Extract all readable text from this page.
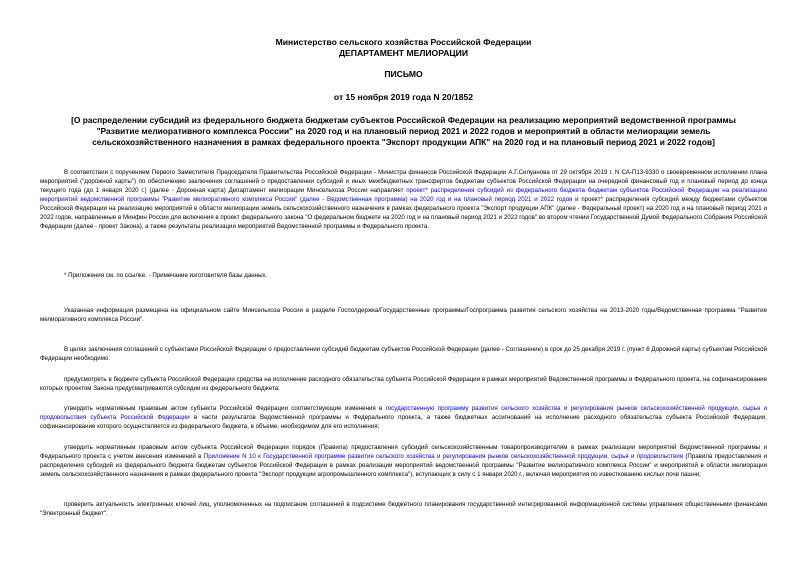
Министерство сельского хозяйства Российской Федерации
ДЕПАРТАМЕНТ МЕЛИОРАЦИИ
ПИСЬМО
от 15 ноября 2019 года N 20/1852
[О распределении субсидий из федерального бюджета бюджетам субъектов Российской Федерации на реализацию мероприятий ведомственной программы "Развитие мелиоративного комплекса России" на 2020 год и на плановый период 2021 и 2022 годов и мероприятий в области мелиорации земель сельскохозяйственного назначения в рамках федерального проекта "Экспорт продукции АПК" на 2020 год и на плановый период 2021 и 2022 годов]
В соответствии с поручением Первого Заместителя Председателя Правительства Российской Федерации - Министра финансов Российской Федерации А.Г.Силуанова от 29 октября 2019 г. N СА-П13-9330 о своевременном исполнении плана мероприятий ("дорожной карты") по обеспечению заключения соглашений о предоставлении субсидий и иных межбюджетных трансфертов бюджетам субъектов Российской Федерации на очередной финансовый год и плановый период до конца текущего года (до 1 января 2020 г.) (далее - Дорожная карта) Департамент мелиорации Минсельхоза России направляет проект* распределения субсидий из федерального бюджета бюджетам субъектов Российской Федерации на реализацию мероприятий ведомственной программы "Развитие мелиоративного комплекса России" (далее - Ведомственная программа) на 2020 год и на плановый период 2021 и 2022 годов и проект* распределения субсидий между бюджетами субъектов Российской Федерации на реализацию мероприятий в области мелиорации земель сельскохозяйственного назначения в рамках федерального проекта "Экспорт продукции АПК" (далее - Федеральный проект) на 2020 год и на плановый период 2021 и 2022 годов, направленные в Минфин России для включения в проект федерального закона "О федеральном бюджете на 2020 год и на плановый период 2021 и 2022 годов" во втором чтении Государственной Думой Федерального Собрания Российской Федерации (далее - проект Закона), а также результаты реализации мероприятий Ведомственной программы и Федерального проекта.
* Приложения см. по ссылке. - Примечание изготовителя базы данных.
Указанная информация размещена на официальном сайте Минсельхоза России в разделе Госполдержка/Государственные программы/Госпрограмма развития сельского хозяйства на 2013-2020 годы/Ведомственная программа "Развитие мелиоративного комплекса России".
В целях заключения соглашений с субъектами Российской Федерации о предоставлении субсидий бюджетам субъектов Российской Федерации (далее - Соглашение) в срок до 25 декабря 2019 г. (пункт 6 Дорожной карты) субъектам Российской Федерации необходимо:
предусмотреть в бюджете субъекта Российской Федерации средства на исполнение расходного обязательства субъекта Российской Федерации в рамках мероприятий Ведомственной программы и Федерального проекта, на софинансирование которых проектом Закона предусматриваются субсидии из федерального бюджета;
утвердить нормативным правовым актом субъекта Российской Федерации соответствующие изменения в государственную программу развития сельского хозяйства и регулирования рынков сельскохозяйственной продукции, сырья и продовольствия субъекта Российской Федерации в части результатов Ведомственной программы и Федерального проекта, а также бюджетных ассигнований на исполнение расходного обязательства субъекта Российской Федерации, софинансирование которого осуществляется из федерального бюджета, в объеме, необходимом для его исполнения;
утвердить нормативным правовым актом субъекта Российской Федерации порядок (Правила) предоставления субсидий сельскохозяйственным товаропроизводителям в рамках реализации мероприятий Ведомственной программы и Федерального проекта с учетом внесения изменений в Приложение N 10 к Государственной программе развития сельского хозяйства и регулирования рынков сельскохозяйственной продукции, сырья и продовольствия (Правила предоставления и распределения субсидий из федерального бюджета бюджетам субъектов Российской Федерации в рамках реализации мероприятий ведомственной программы "Развитие мелиоративного комплекса России" и мероприятий в области мелиорации земель сельскохозяйственного назначения в рамках федерального проекта "Экспорт продукции агропромышленного комплекса"), вступающих в силу с 1 января 2020 г., включая мероприятия по известкованию кислых почв пашни;
проверить актуальность электронных ключей лиц, уполномоченных на подписание соглашений в подсистеме бюджетного планирования государственной интегрированной информационной системы управления общественными финансами "Электронный бюджет".
